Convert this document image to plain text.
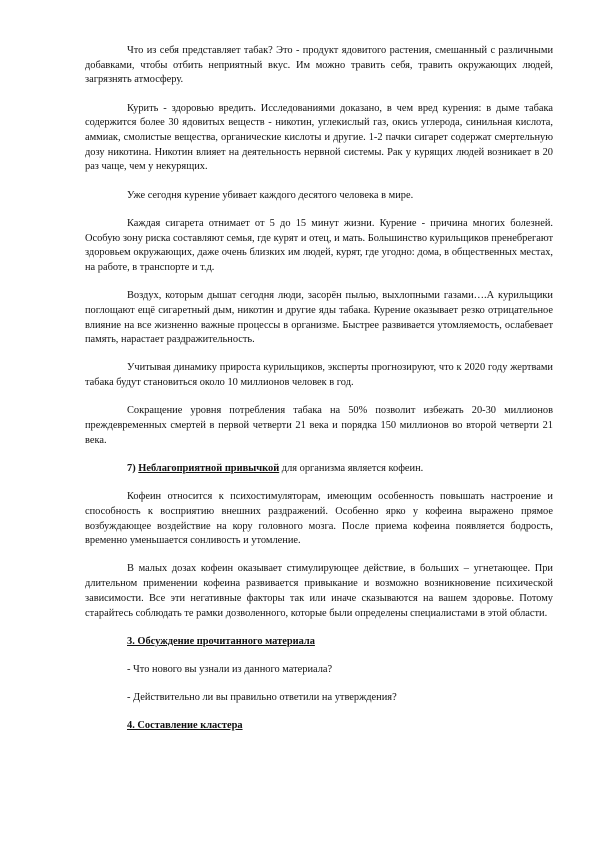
Что из себя представляет табак? Это - продукт ядовитого растения, смешанный с различными добавками, чтобы отбить неприятный вкус. Им можно травить себя, травить окружающих людей, загрязнять атмосферу.

Курить - здоровью вредить. Исследованиями доказано, в чем вред курения: в дыме табака содержится более 30 ядовитых веществ - никотин, углекислый газ, окись углерода, синильная кислота, аммиак, смолистые вещества, органические кислоты и другие. 1-2 пачки сигарет содержат смертельную дозу никотина. Никотин влияет на деятельность нервной системы. Рак у курящих людей возникает в 20 раз чаще, чем у некурящих.

Уже сегодня курение убивает каждого десятого человека в мире.

Каждая сигарета отнимает от 5 до 15 минут жизни. Курение - причина многих болезней. Особую зону риска составляют семья, где курят и отец, и мать. Большинство курильщиков пренебрегают здоровьем окружающих, даже очень близких им людей, курят, где угодно: дома, в общественных местах, на работе, в транспорте и т.д.

Воздух, которым дышат сегодня люди, засорён пылью, выхлопными газами….А курильщики поглощают ещё сигаретный дым, никотин и другие яды табака. Курение оказывает резко отрицательное влияние на все жизненно важные процессы в организме. Быстрее развивается утомляемость, ослабевает память, нарастает раздражительность.

Учитывая динамику прироста курильщиков, эксперты прогнозируют, что к 2020 году жертвами табака будут становиться около 10 миллионов человек в год.

Сокращение уровня потребления табака на 50% позволит избежать 20-30 миллионов преждевременных смертей в первой четверти 21 века и порядка 150 миллионов во второй четверти 21 века.

7) Неблагоприятной привычкой для организма является кофеин.

Кофеин относится к психостимуляторам, имеющим особенность повышать настроение и способность к восприятию внешних раздражений. Особенно ярко у кофеина выражено прямое возбуждающее воздействие на кору головного мозга. После приема кофеина появляется бодрость, временно уменьшается сонливость и утомление.

В малых дозах кофеин оказывает стимулирующее действие, в больших – угнетающее. При длительном применении кофеина развивается привыкание и возможно возникновение психической зависимости. Все эти негативные факторы так или иначе сказываются на вашем здоровье. Потому старайтесь соблюдать те рамки дозволенного, которые были определены специалистами в этой области.

3. Обсуждение прочитанного материала

- Что нового вы узнали из данного материала?

- Действительно ли вы правильно ответили на утверждения?

4. Составление кластера
